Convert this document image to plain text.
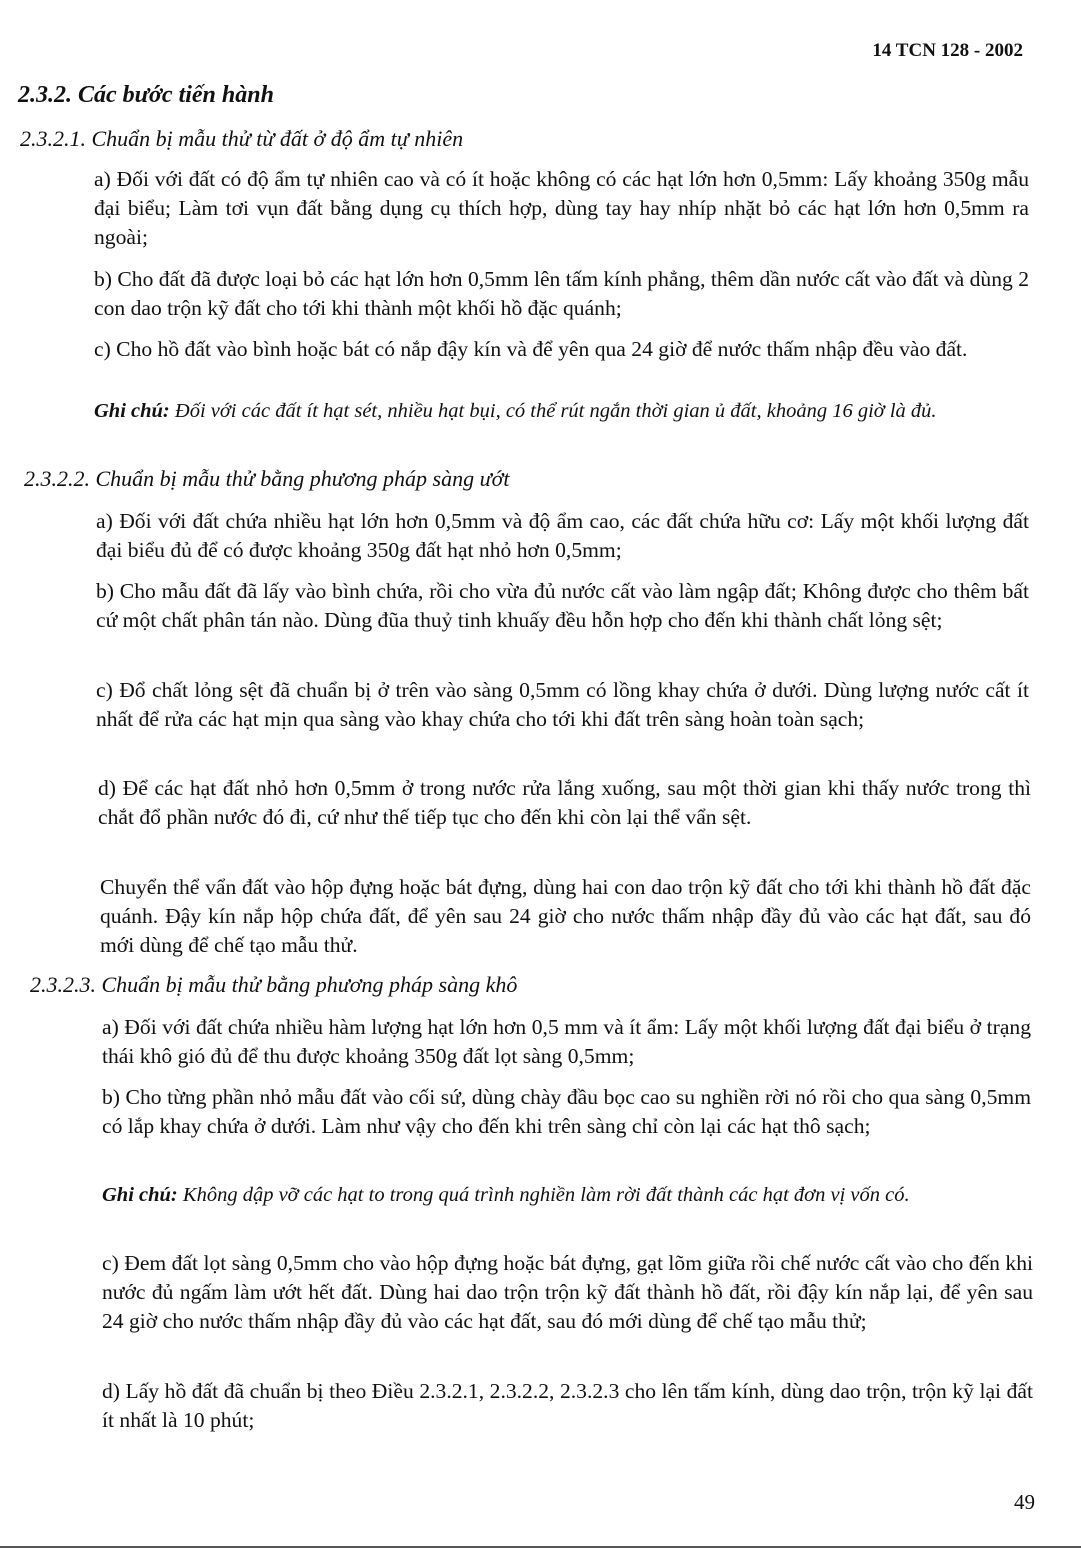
14 TCN 128 - 2002
2.3.2. Các bước tiến hành
2.3.2.1. Chuẩn bị mẫu thử từ đất ở độ ẩm tự nhiên
a) Đối với đất có độ ẩm tự nhiên cao và có ít hoặc không có các hạt lớn hơn 0,5mm: Lấy khoảng 350g mẫu đại biểu; Làm tơi vụn đất bằng dụng cụ thích hợp, dùng tay hay nhíp nhặt bỏ các hạt lớn hơn 0,5mm ra ngoài;
b) Cho đất đã được loại bỏ các hạt lớn hơn 0,5mm lên tấm kính phẳng, thêm dần nước cất vào đất và dùng 2 con dao trộn kỹ đất cho tới khi thành một khối hồ đặc quánh;
c) Cho hồ đất vào bình hoặc bát có nắp đậy kín và để yên qua 24 giờ để nước thấm nhập đều vào đất.
Ghi chú: Đối với các đất ít hạt sét, nhiều hạt bụi, có thể rút ngắn thời gian ủ đất, khoảng 16 giờ là đủ.
2.3.2.2. Chuẩn bị mẫu thử bằng phương pháp sàng ướt
a) Đối với đất chứa nhiều hạt lớn hơn 0,5mm và độ ẩm cao, các đất chứa hữu cơ: Lấy một khối lượng đất đại biểu đủ để có được khoảng 350g đất hạt nhỏ hơn 0,5mm;
b) Cho mẫu đất đã lấy vào bình chứa, rồi cho vừa đủ nước cất vào làm ngập đất; Không được cho thêm bất cứ một chất phân tán nào. Dùng đũa thuỷ tinh khuấy đều hỗn hợp cho đến khi thành chất lỏng sệt;
c) Đổ chất lỏng sệt đã chuẩn bị ở trên vào sàng 0,5mm có lồng khay chứa ở dưới. Dùng lượng nước cất ít nhất để rửa các hạt mịn qua sàng vào khay chứa cho tới khi đất trên sàng hoàn toàn sạch;
d) Để các hạt đất nhỏ hơn 0,5mm ở trong nước rửa lắng xuống, sau một thời gian khi thấy nước trong thì chắt đổ phần nước đó đi, cứ như thế tiếp tục cho đến khi còn lại thể vẩn sệt.
Chuyển thể vẩn đất vào hộp đựng hoặc bát đựng, dùng hai con dao trộn kỹ đất cho tới khi thành hồ đất đặc quánh. Đậy kín nắp hộp chứa đất, để yên sau 24 giờ cho nước thấm nhập đầy đủ vào các hạt đất, sau đó mới dùng để chế tạo mẫu thử.
2.3.2.3. Chuẩn bị mẫu thử bằng phương pháp sàng khô
a) Đối với đất chứa nhiều hàm lượng hạt lớn hơn 0,5 mm và ít ẩm: Lấy một khối lượng đất đại biểu ở trạng thái khô gió đủ để thu được khoảng 350g đất lọt sàng 0,5mm;
b) Cho từng phần nhỏ mẫu đất vào cối sứ, dùng chày đầu bọc cao su nghiền rời nó rồi cho qua sàng 0,5mm có lắp khay chứa ở dưới. Làm như vậy cho đến khi trên sàng chỉ còn lại các hạt thô sạch;
Ghi chú: Không dập vỡ các hạt to trong quá trình nghiền làm rời đất thành các hạt đơn vị vốn có.
c) Đem đất lọt sàng 0,5mm cho vào hộp đựng hoặc bát đựng, gạt lõm giữa rồi chế nước cất vào cho đến khi nước đủ ngấm làm ướt hết đất. Dùng hai dao trộn trộn kỹ đất thành hồ đất, rồi đậy kín nắp lại, để yên sau 24 giờ cho nước thấm nhập đầy đủ vào các hạt đất, sau đó mới dùng để chế tạo mẫu thử;
d) Lấy hồ đất đã chuẩn bị theo Điều 2.3.2.1, 2.3.2.2, 2.3.2.3 cho lên tấm kính, dùng dao trộn, trộn kỹ lại đất ít nhất là 10 phút;
49
